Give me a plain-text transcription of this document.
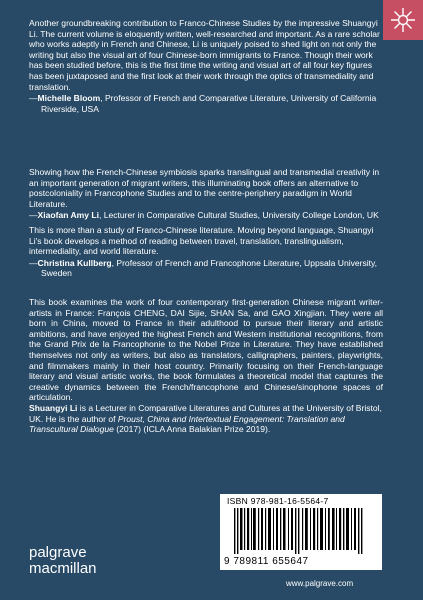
Another groundbreaking contribution to Franco-Chinese Studies by the impressive Shuangyi Li. The current volume is eloquently written, well-researched and important. As a rare scholar who works adeptly in French and Chinese, Li is uniquely poised to shed light on not only the writing but also the visual art of four Chinese-born immigrants to France. Though their work has been studied before, this is the first time the writing and visual art of all four key figures has been juxtaposed and the first look at their work through the optics of transmediality and translation.

—Michelle Bloom, Professor of French and Comparative Literature, University of California Riverside, USA

Showing how the French-Chinese symbiosis sparks translingual and transmedial creativity in an important generation of migrant writers, this illuminating book offers an alternative to postcoloniality in Francophone Studies and to the centre-periphery paradigm in World Literature.

—Xiaofan Amy Li, Lecturer in Comparative Cultural Studies, University College London, UK

This is more than a study of Franco-Chinese literature. Moving beyond language, Shuangyi Li's book develops a method of reading between travel, translation, translingualism, intermediality, and world literature.

—Christina Kullberg, Professor of French and Francophone Literature, Uppsala University, Sweden

This book examines the work of four contemporary first-generation Chinese migrant writer-artists in France: François CHENG, DAI Sijie, SHAN Sa, and GAO Xingjian. They were all born in China, moved to France in their adulthood to pursue their literary and artistic ambitions, and have enjoyed the highest French and Western institutional recognitions, from the Grand Prix de la Francophonie to the Nobel Prize in Literature. They have established themselves not only as writers, but also as translators, calligraphers, painters, playwrights, and filmmakers mainly in their host country. Primarily focusing on their French-language literary and visual artistic works, the book formulates a theoretical model that captures the creative dynamics between the French/francophone and Chinese/sinophone spaces of articulation.

Shuangyi Li is a Lecturer in Comparative Literatures and Cultures at the University of Bristol, UK. He is the author of Proust, China and Intertextual Engagement: Translation and Transcultural Dialogue (2017) (ICLA Anna Balakian Prize 2019).

palgrave
macmillan
ISBN 978-981-16-5564-7
9 789811 655647
www.palgrave.com
